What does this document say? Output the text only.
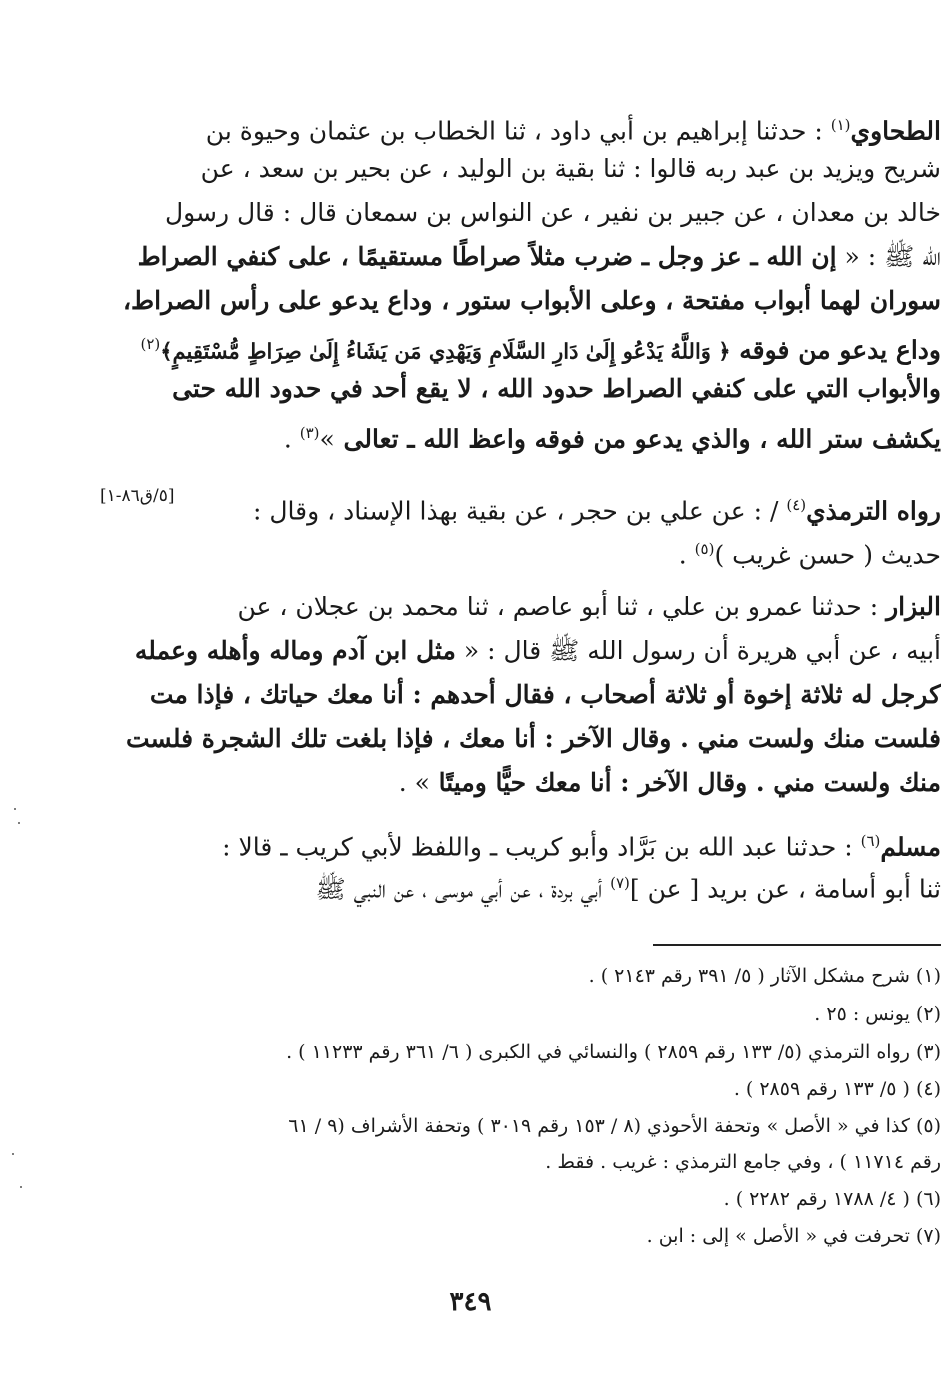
الطحاوي$^{(١)}$ : حدثنا إبراهيم بن أبي داود ، ثنا الخطاب بن عثمان وحيوة بن
شريح ويزيد بن عبد ربه قالوا : ثنا بقية بن الوليد ، عن بحير بن سعد ، عن
خالد بن معدان ، عن جبير بن نفير ، عن النواس بن سمعان قال : قال رسول
الله ﷺ : « إن الله ـ عز وجل ـ ضرب مثلاً صراطًا مستقيمًا ، على كنفي الصراط
سوران لهما أبواب مفتحة ، وعلى الأبواب ستور ، وداع يدعو على رأس الصراط،
وداع يدعو من فوقه ﴿ وَاللَّهُ يَدْعُو إِلَىٰ دَارِ السَّلَامِ وَيَهْدِي مَن يَشَاءُ إِلَىٰ صِرَاطٍ مُّسْتَقِيمٍ﴾$^{(٢)}$
والأبواب التي على كنفي الصراط حدود الله ، لا يقع أحد في حدود الله حتى
يكشف ستر الله ، والذي يدعو من فوقه واعظ الله ـ تعالى »$^{(٣)}$ .
[٥/ق٨٦-١]
رواه الترمذي$^{(٤)}$ / : عن علي بن حجر ، عن بقية بهذا الإسناد ، وقال :
حديث ( حسن غريب )$^{(٥)}$ .
البزار : حدثنا عمرو بن علي ، ثنا أبو عاصم ، ثنا محمد بن عجلان ، عن
أبيه ، عن أبي هريرة أن رسول الله ﷺ قال : « مثل ابن آدم وماله وأهله وعمله
كرجل له ثلاثة إخوة أو ثلاثة أصحاب ، فقال أحدهم : أنا معك حياتك ، فإذا مت
فلست منك ولست مني . وقال الآخر : أنا معك ، فإذا بلغت تلك الشجرة فلست
منك ولست مني . وقال الآخر : أنا معك حيًّا وميتًا » .
مسلم$^{(٦)}$ : حدثنا عبد الله بن بَرَّاد وأبو كريب ـ واللفظ لأبي كريب ـ قالا :
ثنا أبو أسامة ، عن بريد [ عن ]$^{(٧)}$ أبي بردة ، عن أبي موسى ، عن النبي ﷺ
(١) شرح مشكل الآثار ( ٥/ ٣٩١ رقم ٢١٤٣ ) .
(٢) يونس : ٢٥ .
(٣) رواه الترمذي (٥/ ١٣٣ رقم ٢٨٥٩ ) والنسائي في الكبرى ( ٦/ ٣٦١ رقم ١١٢٣٣ ) .
(٤) ( ٥/ ١٣٣ رقم ٢٨٥٩ ) .
(٥) كذا في « الأصل » وتحفة الأحوذي (٨ / ١٥٣ رقم ٣٠١٩ ) وتحفة الأشراف (٩ / ٦١
رقم ١١٧١٤ ) ، وفي جامع الترمذي : غريب . فقط .
(٦) ( ٤/ ١٧٨٨ رقم ٢٢٨٢ ) .
(٧) تحرفت في « الأصل » إلى : ابن .
٣٤٩
